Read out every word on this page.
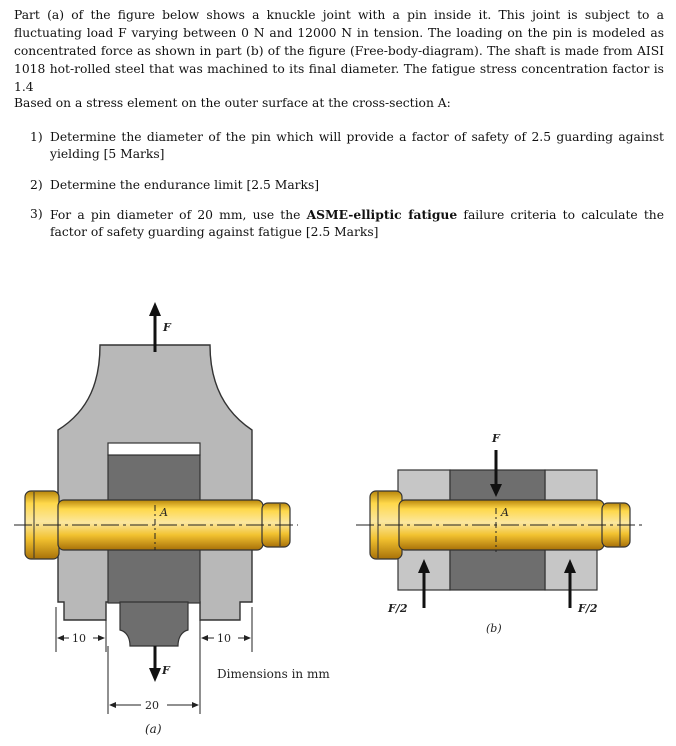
Part (a) of the figure below shows a knuckle joint with a pin inside it. This joint is subject to a fluctuating load F varying between 0 N and 12000 N in tension. The loading on the pin is modeled as concentrated force as shown in part (b) of the figure (Free-body-diagram). The shaft is made from AISI 1018 hot-rolled steel that was machined to its final diameter. The fatigue stress concentration factor is 1.4
Based on a stress element on the outer surface at the cross-section A:
1) Determine the diameter of the pin which will provide a factor of safety of 2.5 guarding against yielding [5 Marks]
2) Determine the endurance limit [2.5 Marks]
3) For a pin diameter of 20 mm, use the ASME-elliptic fatigue failure criteria to calculate the factor of safety guarding against fatigue [2.5 Marks]
A
F
F
10	10
20
Dimensions in mm
(a)
A
F
F/2	F/2
(b)
